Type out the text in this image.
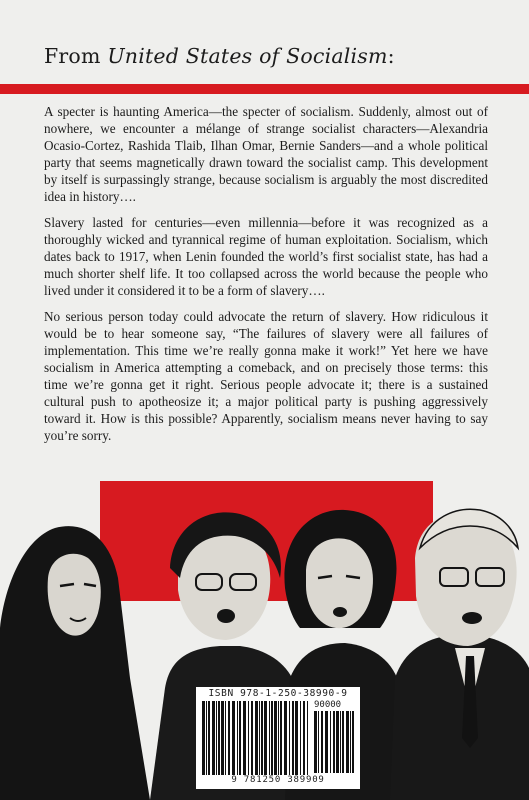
From United States of Socialism:

A specter is haunting America—the specter of socialism. Suddenly, almost out of nowhere, we encounter a mélange of strange socialist characters—Alexandria Ocasio-Cortez, Rashida Tlaib, Ilhan Omar, Bernie Sanders—and a whole political party that seems magnetically drawn toward the socialist camp. This development by itself is surpassingly strange, because socialism is arguably the most discredited idea in history….

Slavery lasted for centuries—even millennia—before it was recognized as a thoroughly wicked and tyrannical regime of human exploitation. Socialism, which dates back to 1917, when Lenin founded the world’s first socialist state, has had a much shorter shelf life. It too collapsed across the world because the people who lived under it considered it to be a form of slavery….

No serious person today could advocate the return of slavery. How ridiculous it would be to hear someone say, “The failures of slavery were all failures of implementation. This time we’re really gonna make it work!” Yet here we have socialism in America attempting a comeback, and on precisely those terms: this time we’re gonna get it right. Serious people advocate it; there is a sustained cultural push to apotheosize it; a major political party is pushing aggressively toward it. How is this possible? Apparently, socialism means never having to say you’re sorry.

ISBN 978-1-250-38990-9
90000
9 781250 389909
